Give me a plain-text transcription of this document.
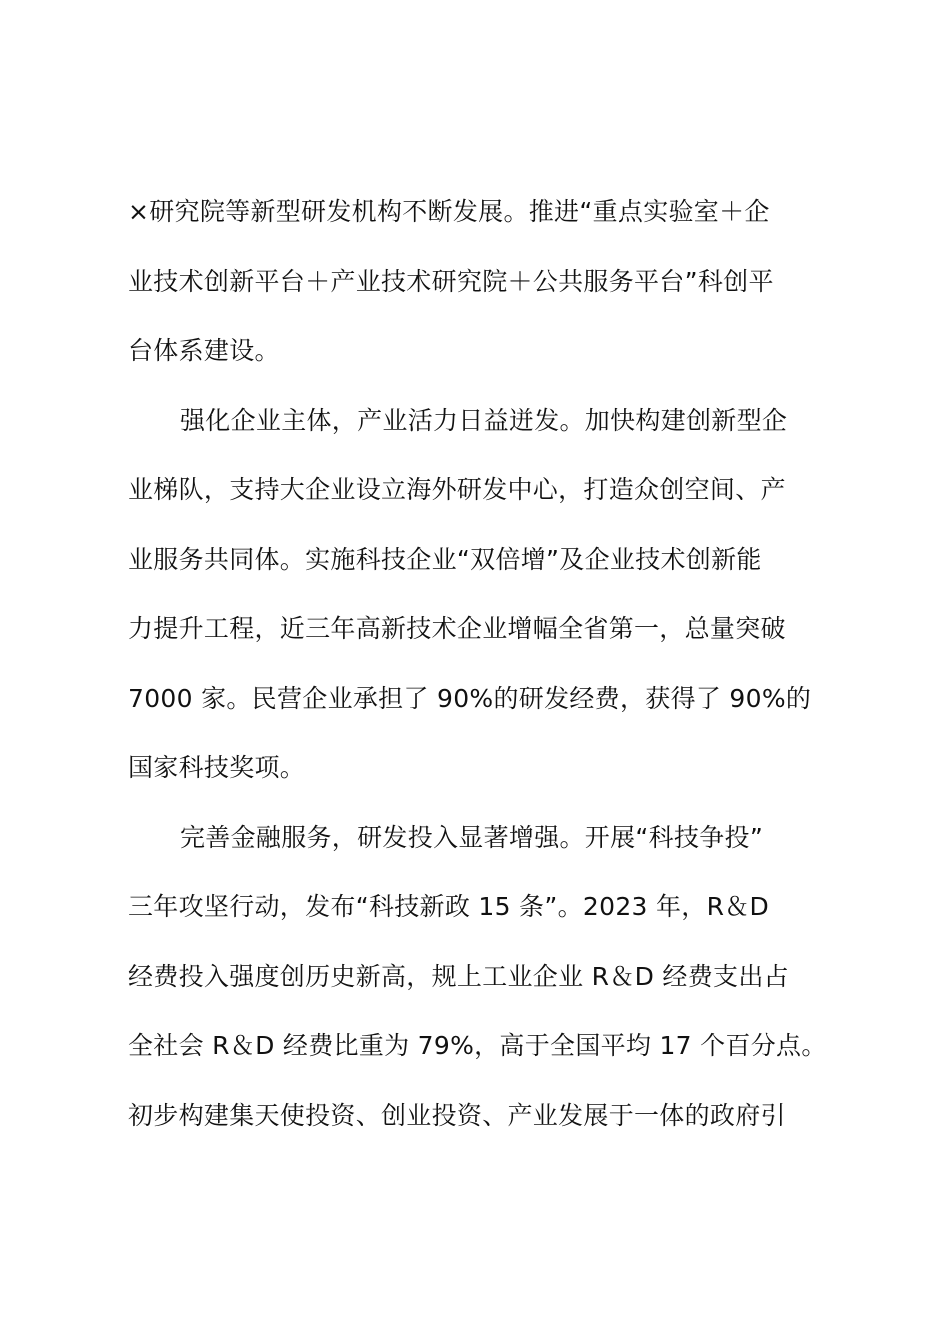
×研究院等新型研发机构不断发展。推进“重点实验室＋企
业技术创新平台＋产业技术研究院＋公共服务平台”科创平
台体系建设。
强化企业主体，产业活力日益迸发。加快构建创新型企
业梯队，支持大企业设立海外研发中心，打造众创空间、产
业服务共同体。实施科技企业“双倍增”及企业技术创新能
力提升工程，近三年高新技术企业增幅全省第一，总量突破
7000 家。民营企业承担了 90%的研发经费，获得了 90%的
国家科技奖项。
完善金融服务，研发投入显著增强。开展“科技争投”
三年攻坚行动，发布“科技新政 15 条”。2023 年，R＆D
经费投入强度创历史新高，规上工业企业 R＆D 经费支出占
全社会 R＆D 经费比重为 79%，高于全国平均 17 个百分点。
初步构建集天使投资、创业投资、产业发展于一体的政府引
